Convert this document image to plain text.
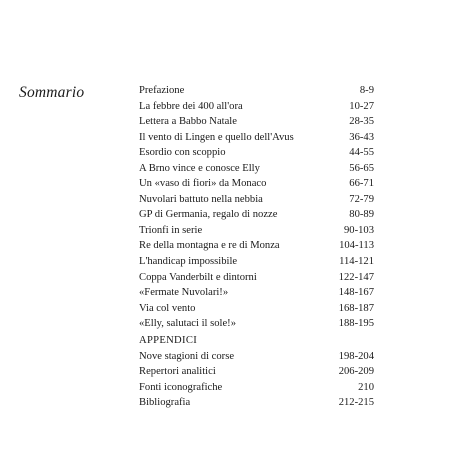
Sommario	Prefazione	8-9
La febbre dei 400 all'ora	10-27
Lettera a Babbo Natale	28-35
Il vento di Lingen e quello dell'Avus	36-43
Esordio con scoppio	44-55
A Brno vince e conosce Elly	56-65
Un «vaso di fiori» da Monaco	66-71
Nuvolari battuto nella nebbia	72-79
GP di Germania, regalo di nozze	80-89
Trionfi in serie	90-103
Re della montagna e re di Monza	104-113
L'handicap impossibile	114-121
Coppa Vanderbilt e dintorni	122-147
«Fermate Nuvolari!»	148-167
Via col vento	168-187
«Elly, salutaci il sole!»	188-195
APPENDICI
Nove stagioni di corse	198-204
Repertori analitici	206-209
Fonti iconografiche	210
Bibliografia	212-215
